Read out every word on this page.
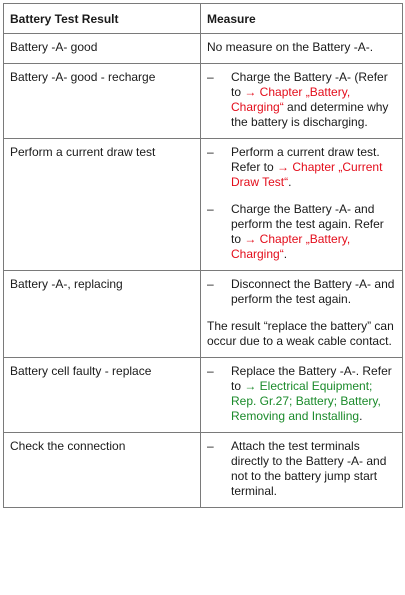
Battery Test Result	Measure
Battery -A- good	No measure on the Battery -A-.
Battery -A- good - recharge	– Charge the Battery -A- (Refer to → Chapter „Battery, Charging“ and determine why the battery is discharging.

Perform a current draw test	– Perform a current draw test. Refer to → Chapter „Current Draw Test“.
– Charge the Battery -A- and perform the test again. Refer to → Chapter „Battery, Charging“.

Battery -A-, replacing	– Disconnect the Battery -A- and perform the test again.
The result “replace the battery” can occur due to a weak cable contact.

Battery cell faulty - replace	– Replace the Battery -A-. Refer to → Electrical Equipment; Rep. Gr.27; Battery; Battery, Removing and Installing.

Check the connection	– Attach the test terminals directly to the Battery -A- and not to the battery jump start terminal.
